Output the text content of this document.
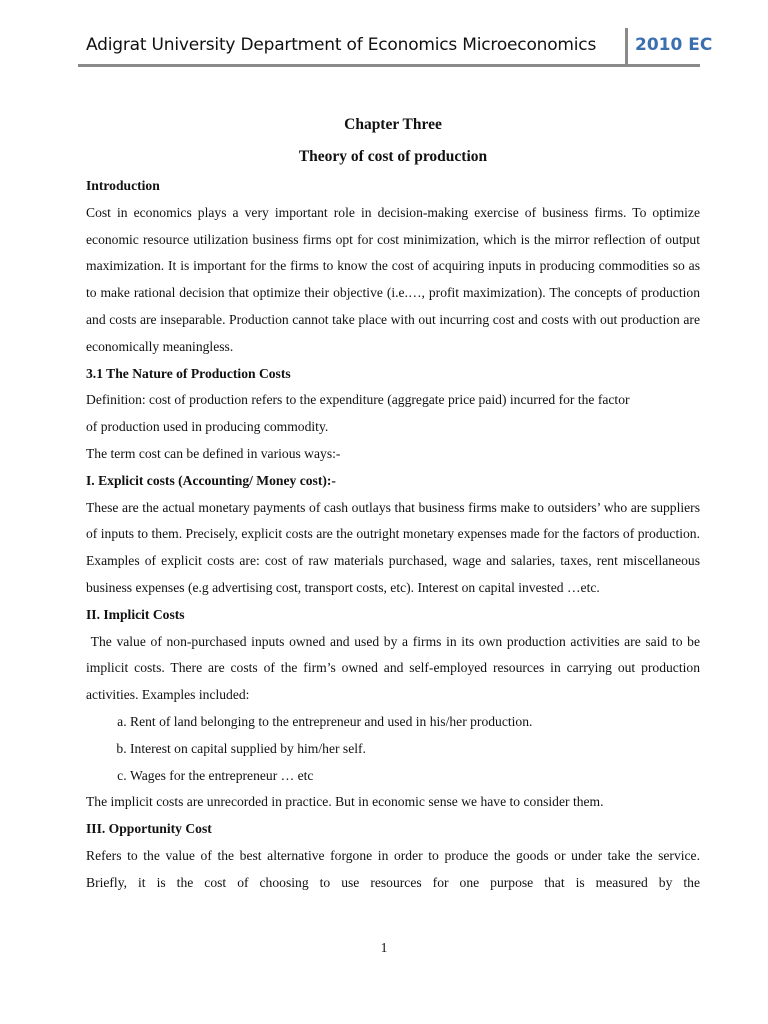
Adigrat University Department of Economics Microeconomics 2010 EC
Chapter Three
Theory of cost of production
Introduction
Cost in economics plays a very important role in decision-making exercise of business firms. To optimize economic resource utilization business firms opt for cost minimization, which is the mirror reflection of output maximization. It is important for the firms to know the cost of acquiring inputs in producing commodities so as to make rational decision that optimize their objective (i.e.…, profit maximization). The concepts of production and costs are inseparable. Production cannot take place with out incurring cost and costs with out production are economically meaningless.
3.1 The Nature of Production Costs
Definition: cost of production refers to the expenditure (aggregate price paid) incurred for the factor
of production used in producing commodity.
The term cost can be defined in various ways:-
I. Explicit costs (Accounting/ Money cost):-
These are the actual monetary payments of cash outlays that business firms make to outsiders’ who are suppliers of inputs to them. Precisely, explicit costs are the outright monetary expenses made for the factors of production. Examples of explicit costs are: cost of raw materials purchased, wage and salaries, taxes, rent miscellaneous business expenses (e.g advertising cost, transport costs, etc). Interest on capital invested …etc.
II. Implicit Costs
The value of non-purchased inputs owned and used by a firms in its own production activities are said to be implicit costs. There are costs of the firm’s owned and self-employed resources in carrying out production activities. Examples included:
a. Rent of land belonging to the entrepreneur and used in his/her production.
b. Interest on capital supplied by him/her self.
c. Wages for the entrepreneur … etc
The implicit costs are unrecorded in practice. But in economic sense we have to consider them.
III. Opportunity Cost
Refers to the value of the best alternative forgone in order to produce the goods or under take the service. Briefly, it is the cost of choosing to use resources for one purpose that is measured by the
1
